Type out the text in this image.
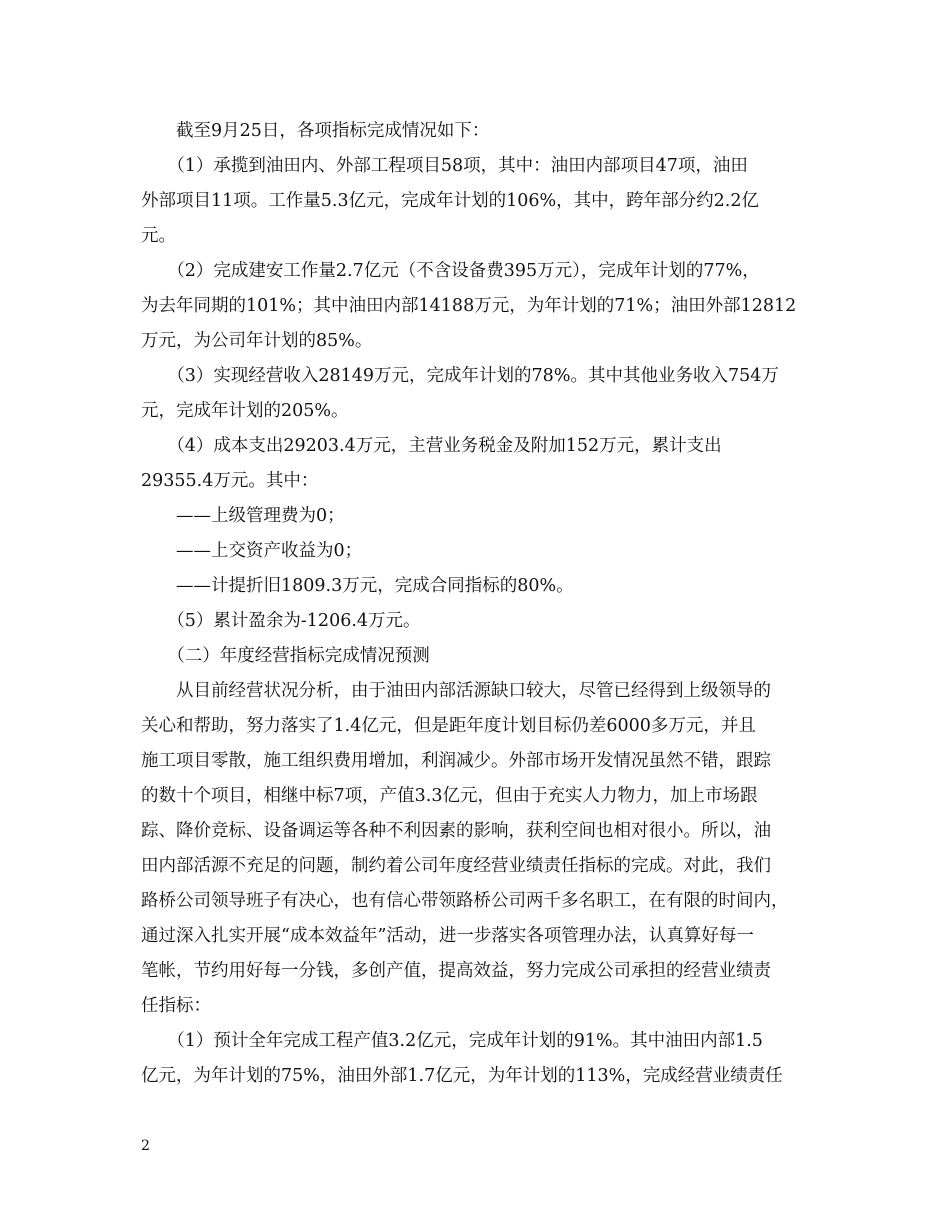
　　截至9月25日，各项指标完成情况如下：
　　（1）承揽到油田内、外部工程项目58项，其中：油田内部项目47项，油田
外部项目11项。工作量5.3亿元，完成年计划的106%，其中，跨年部分约2.2亿
元。
　　（2）完成建安工作量2.7亿元（不含设备费395万元），完成年计划的77%，
为去年同期的101%；其中油田内部14188万元，为年计划的71%；油田外部12812
万元，为公司年计划的85%。
　　（3）实现经营收入28149万元，完成年计划的78%。其中其他业务收入754万
元，完成年计划的205%。
　　（4）成本支出29203.4万元，主营业务税金及附加152万元，累计支出
29355.4万元。其中：
　　——上级管理费为0；
　　——上交资产收益为0；
　　——计提折旧1809.3万元，完成合同指标的80%。
　　（5）累计盈余为-1206.4万元。
　　（二）年度经营指标完成情况预测
　　从目前经营状况分析，由于油田内部活源缺口较大，尽管已经得到上级领导的
关心和帮助，努力落实了1.4亿元，但是距年度计划目标仍差6000多万元，并且
施工项目零散，施工组织费用增加，利润减少。外部市场开发情况虽然不错，跟踪
的数十个项目，相继中标7项，产值3.3亿元，但由于充实人力物力，加上市场跟
踪、降价竞标、设备调运等各种不利因素的影响，获利空间也相对很小。所以，油
田内部活源不充足的问题，制约着公司年度经营业绩责任指标的完成。对此，我们
路桥公司领导班子有决心，也有信心带领路桥公司两千多名职工，在有限的时间内，
通过深入扎实开展“成本效益年”活动，进一步落实各项管理办法，认真算好每一
笔帐，节约用好每一分钱，多创产值，提高效益，努力完成公司承担的经营业绩责
任指标：
　　（1）预计全年完成工程产值3.2亿元，完成年计划的91%。其中油田内部1.5
亿元，为年计划的75%，油田外部1.7亿元，为年计划的113%，完成经营业绩责任
2
